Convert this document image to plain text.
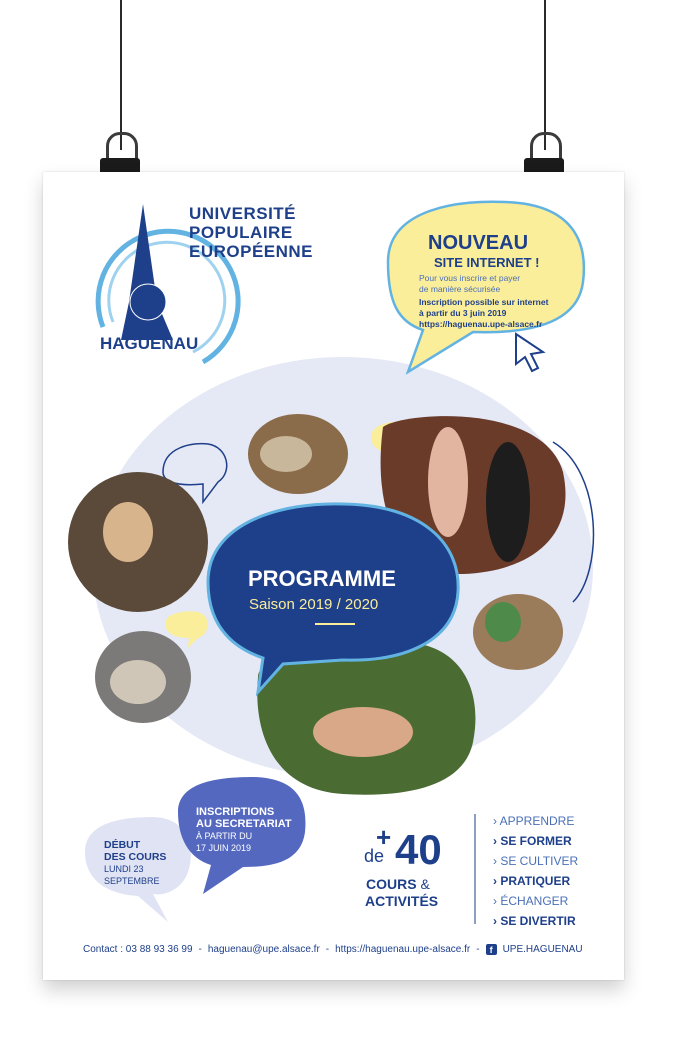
UNIVERSITÉ
POPULAIRE
EUROPÉENNE
HAGUENAU
NOUVEAU
SITE INTERNET !
Pour vous inscrire et payer
de manière sécurisée
Inscription possible sur internet
à partir du 3 juin 2019
https://haguenau.upe-alsace.fr
PROGRAMME
Saison 2019 / 2020
INSCRIPTIONS
AU SECRETARIAT
À PARTIR DU
17 JUIN 2019
DÉBUT
DES COURS
LUNDI 23
SEPTEMBRE
+
de 40
COURS &
ACTIVITÉS
› APPRENDRE
› SE FORMER
› SE CULTIVER
› PRATIQUER
› ÉCHANGER
› SE DIVERTIR
Contact : 03 88 93 36 99 - haguenau@upe.alsace.fr - https://haguenau.upe-alsace.fr -	f	UPE.HAGUENAU
